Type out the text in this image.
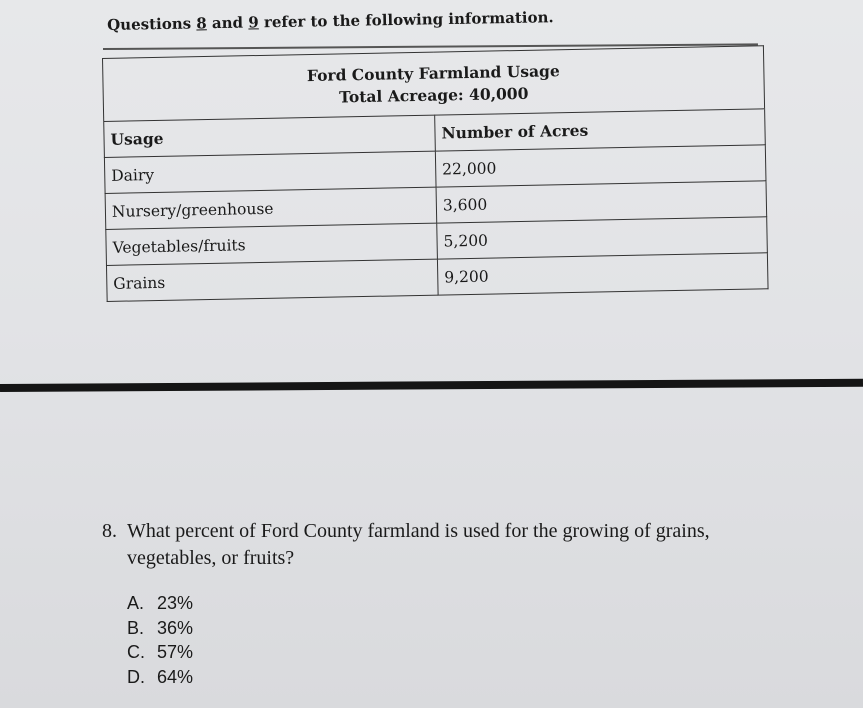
Questions 8 and 9 refer to the following information.
Ford County Farmland Usage
Total Acreage: 40,000	

Usage	Number of Acres
Dairy	22,000
Nursery/greenhouse	3,600
Vegetables/fruits	5,200
Grains	9,200
8. What percent of Ford County farmland is used for the growing of grains, vegetables, or fruits?
A. 23%
B. 36%
C. 57%
D. 64%
